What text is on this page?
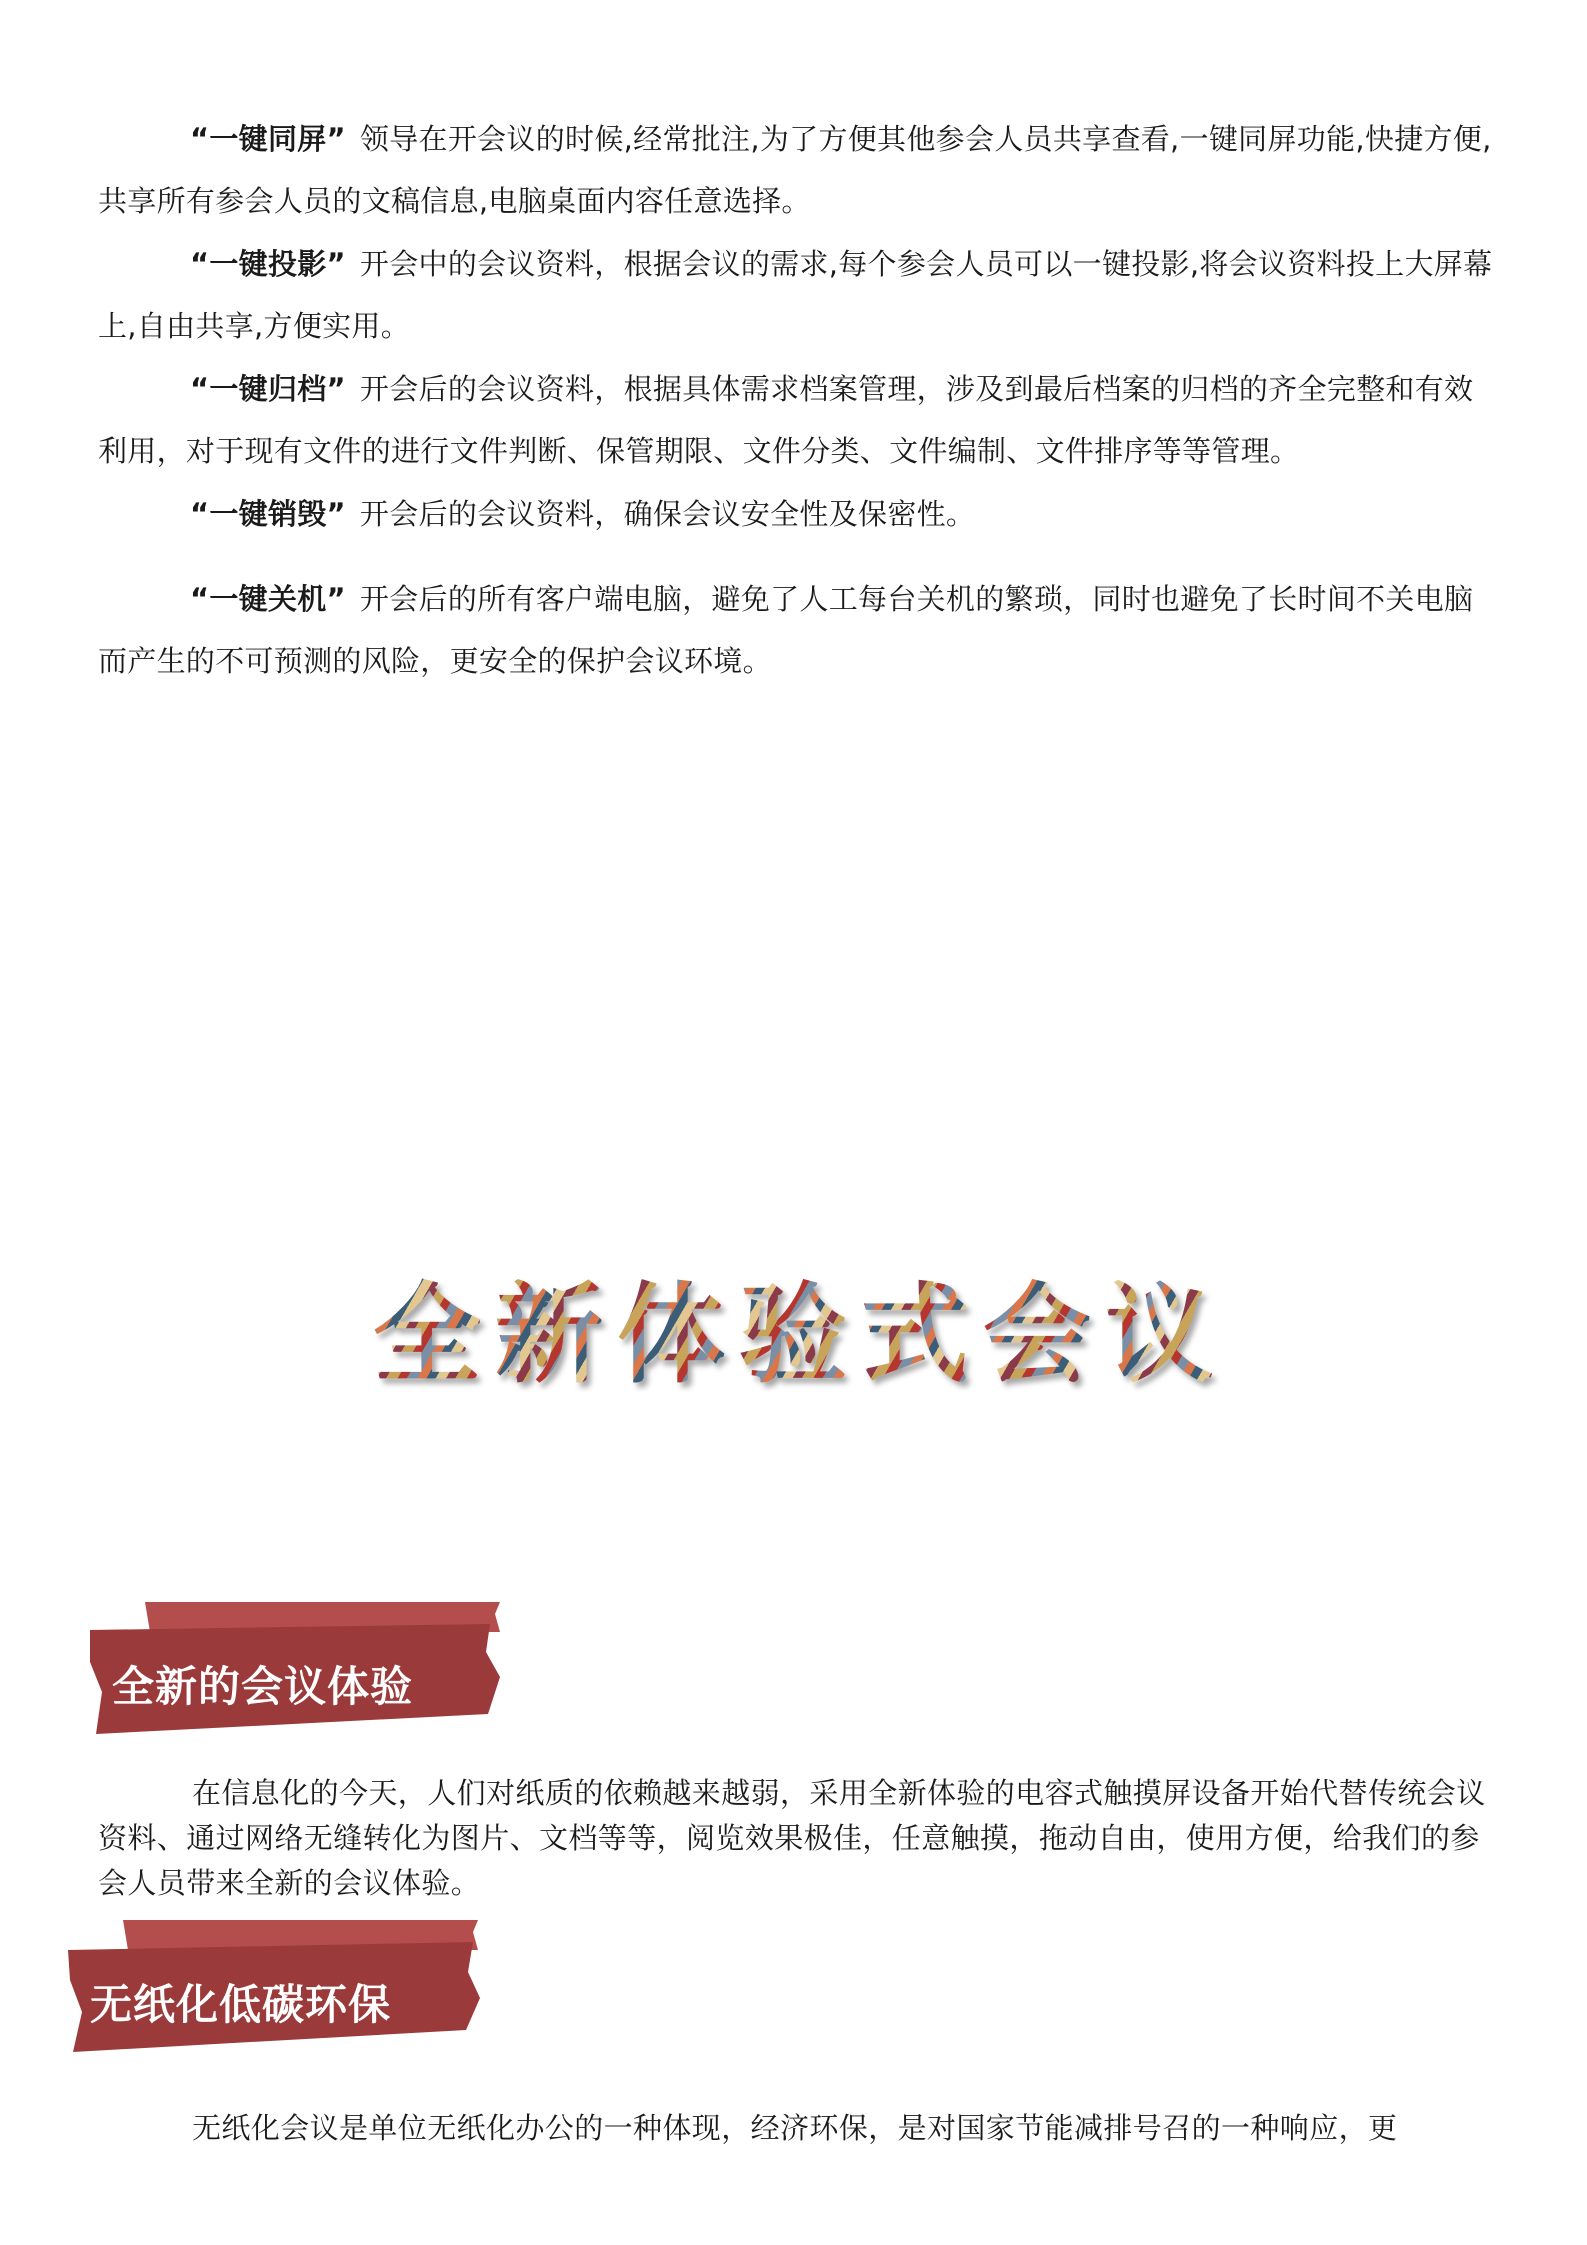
“一键同屏” 领导在开会议的时候,经常批注,为了方便其他参会人员共享查看,一键同屏功能,快捷方便,共享所有参会人员的文稿信息,电脑桌面内容任意选择。

“一键投影” 开会中的会议资料，根据会议的需求,每个参会人员可以一键投影,将会议资料投上大屏幕上,自由共享,方便实用。

“一键归档” 开会后的会议资料，根据具体需求档案管理，涉及到最后档案的归档的齐全完整和有效利用，对于现有文件的进行文件判断、保管期限、文件分类、文件编制、文件排序等等管理。

“一键销毁” 开会后的会议资料，确保会议安全性及保密性。

“一键关机” 开会后的所有客户端电脑，避免了人工每台关机的繁琐，同时也避免了长时间不关电脑而产生的不可预测的风险，更安全的保护会议环境。

全新体验式会议
全新的会议体验

在信息化的今天，人们对纸质的依赖越来越弱，采用全新体验的电容式触摸屏设备开始代替传统会议资料、通过网络无缝转化为图片、文档等等，阅览效果极佳，任意触摸，拖动自由，使用方便，给我们的参会人员带来全新的会议体验。

无纸化低碳环保

无纸化会议是单位无纸化办公的一种体现，经济环保，是对国家节能减排号召的一种响应，更
